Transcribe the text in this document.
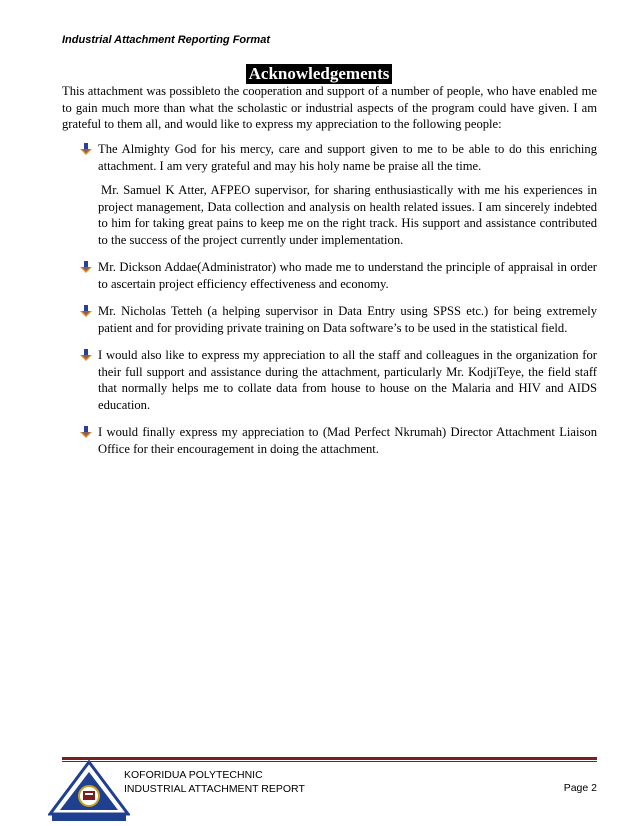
Industrial Attachment Reporting Format
Acknowledgements
This attachment was possibleto the cooperation and support of a number of people, who have enabled me to gain much more than what the scholastic or industrial aspects of the program could have given. I am grateful to them all, and would like to express my appreciation to the following people:

The Almighty God for his mercy, care and support given to me to be able to do this enriching attachment. I am very grateful and may his holy name be praise all the time.

Mr. Samuel K Atter, AFPEO supervisor, for sharing enthusiastically with me his experiences in project management, Data collection and analysis on health related issues. I am sincerely indebted to him for taking great pains to keep me on the right track. His support and assistance contributed to the success of the project currently under implementation.

Mr. Dickson Addae(Administrator) who made me to understand the principle of appraisal in order to ascertain project efficiency effectiveness and economy.

Mr. Nicholas Tetteh (a helping supervisor in Data Entry using SPSS etc.) for being extremely patient and for providing private training on Data software’s to be used in the statistical field.

I would also like to express my appreciation to all the staff and colleagues in the organization for their full support and assistance during the attachment, particularly Mr. KodjiTeye, the field staff that normally helps me to collate data from house to house on the Malaria and HIV and AIDS education.

I would finally express my appreciation to (Mad Perfect Nkrumah) Director Attachment Liaison Office for their encouragement in doing the attachment.

KOFORIDUA POLYTECHNIC
INDUSTRIAL ATTACHMENT REPORT	Page 2
